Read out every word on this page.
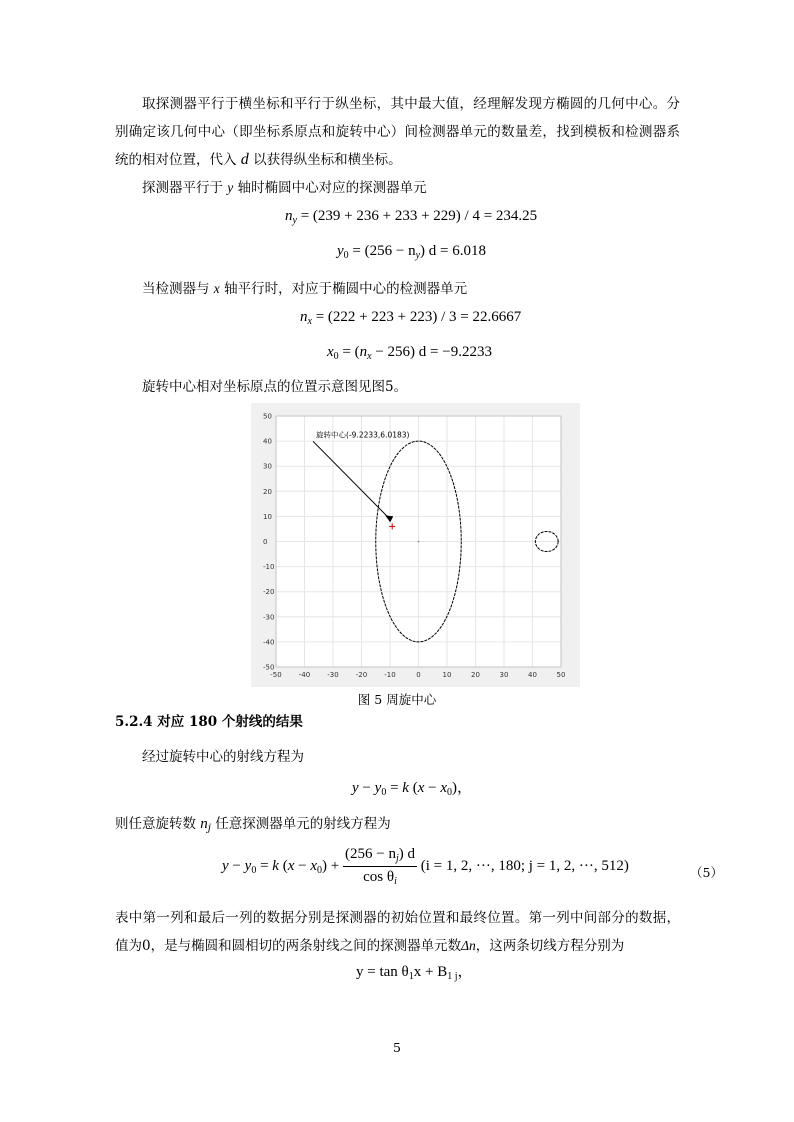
取探测器平行于横坐标和平行于纵坐标，其中最大值，经理解发现方椭圆的几何中心。分别确定该几何中心（即坐标系原点和旋转中心）间检测器单元的数量差，找到模板和检测器系统的相对位置，代入 d 以获得纵坐标和横坐标。
探测器平行于 y 轴时椭圆中心对应的探测器单元
$n_y = (239 + 236 + 233 + 229) / 4 = 234.25$
$y_0 = (256 - n_y) d = 6.018$
当检测器与 x 轴平行时，对应于椭圆中心的检测器单元
$n_x = (222 + 223 + 223) / 3 = 22.6667$
$x_0 = (n_x - 256) d = -9.2233$
旋转中心相对坐标原点的位置示意图见图5。
-50 -40 -30 -20 -10	0	10	20	30	40	50
50
40
30
20
10
0
-10
-20
-30
-40
-50
旋转中心(-9.2233,6.0183)
图 5 周旋中心
5.2.4 对应 180 个射线的结果
经过旋转中心的射线方程为
$y - y_0 = k$ $(x - x_0)$，
则任意旋转数 $n_j$ 任意探测器单元的射线方程为
$y - y_0 = k$ $(x - x_0) + \frac{(256 - n_j) d}{\cos \theta_i} (i = 1$, 2, ···, 180; j = 1, 2, ···, 512)	（5）
表中第一列和最后一列的数据分别是探测器的初始位置和最终位置。第一列中间部分的数据，值为0，是与椭圆和圆相切的两条射线之间的探测器单元数Δn，这两条切线方程分别为
$y = \tan \theta_1x + B_{1 j}$，
5
